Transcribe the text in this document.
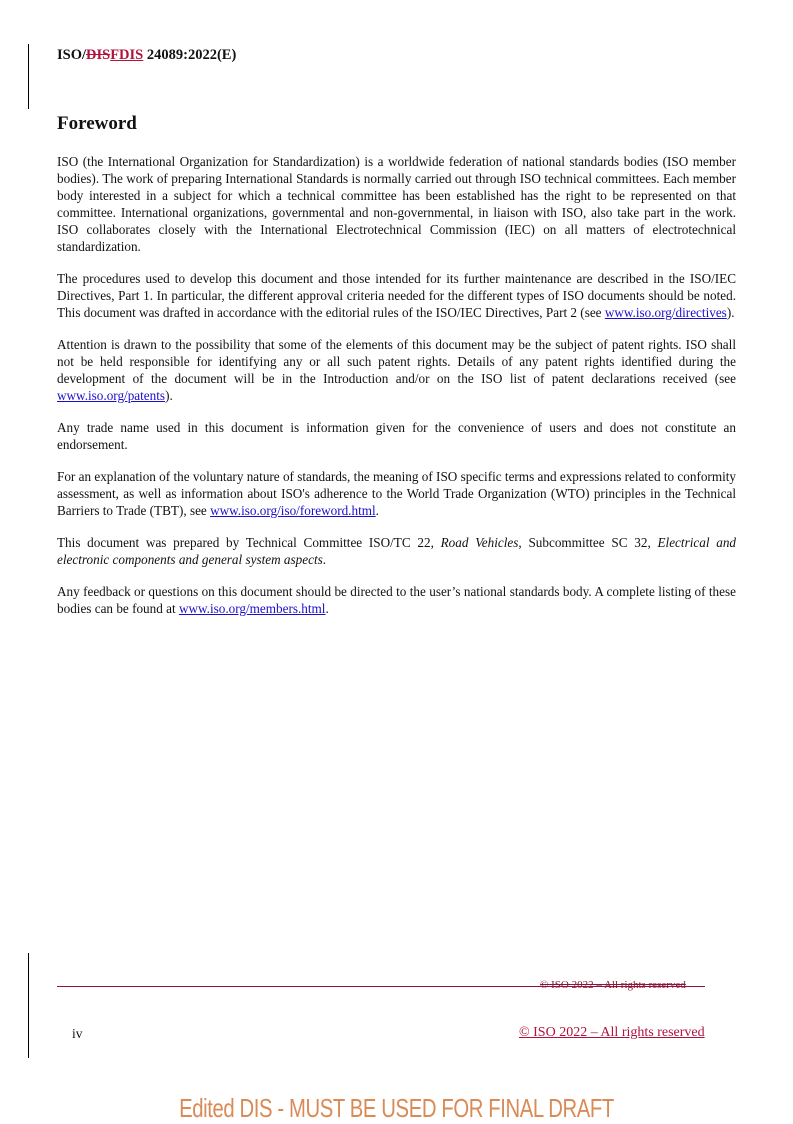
ISO/DISFDIS 24089:2022(E)
Foreword

ISO (the International Organization for Standardization) is a worldwide federation of national standards bodies (ISO member bodies). The work of preparing International Standards is normally carried out through ISO technical committees. Each member body interested in a subject for which a technical committee has been established has the right to be represented on that committee. International organizations, governmental and non-governmental, in liaison with ISO, also take part in the work. ISO collaborates closely with the International Electrotechnical Commission (IEC) on all matters of electrotechnical standardization.

The procedures used to develop this document and those intended for its further maintenance are described in the ISO/IEC Directives, Part 1. In particular, the different approval criteria needed for the different types of ISO documents should be noted. This document was drafted in accordance with the editorial rules of the ISO/IEC Directives, Part 2 (see www.iso.org/directives).

Attention is drawn to the possibility that some of the elements of this document may be the subject of patent rights. ISO shall not be held responsible for identifying any or all such patent rights. Details of any patent rights identified during the development of the document will be in the Introduction and/or on the ISO list of patent declarations received (see www.iso.org/patents).

Any trade name used in this document is information given for the convenience of users and does not constitute an endorsement.

For an explanation of the voluntary nature of standards, the meaning of ISO specific terms and expressions related to conformity assessment, as well as information about ISO's adherence to the World Trade Organization (WTO) principles in the Technical Barriers to Trade (TBT), see www.iso.org/iso/foreword.html.

This document was prepared by Technical Committee ISO/TC 22, Road Vehicles, Subcommittee SC 32, Electrical and electronic components and general system aspects.

Any feedback or questions on this document should be directed to the user’s national standards body. A complete listing of these bodies can be found at www.iso.org/members.html.

© ISO 2022 – All rights reserved
iv	© ISO 2022 – All rights reserved
Edited DIS - MUST BE USED FOR FINAL DRAFT
